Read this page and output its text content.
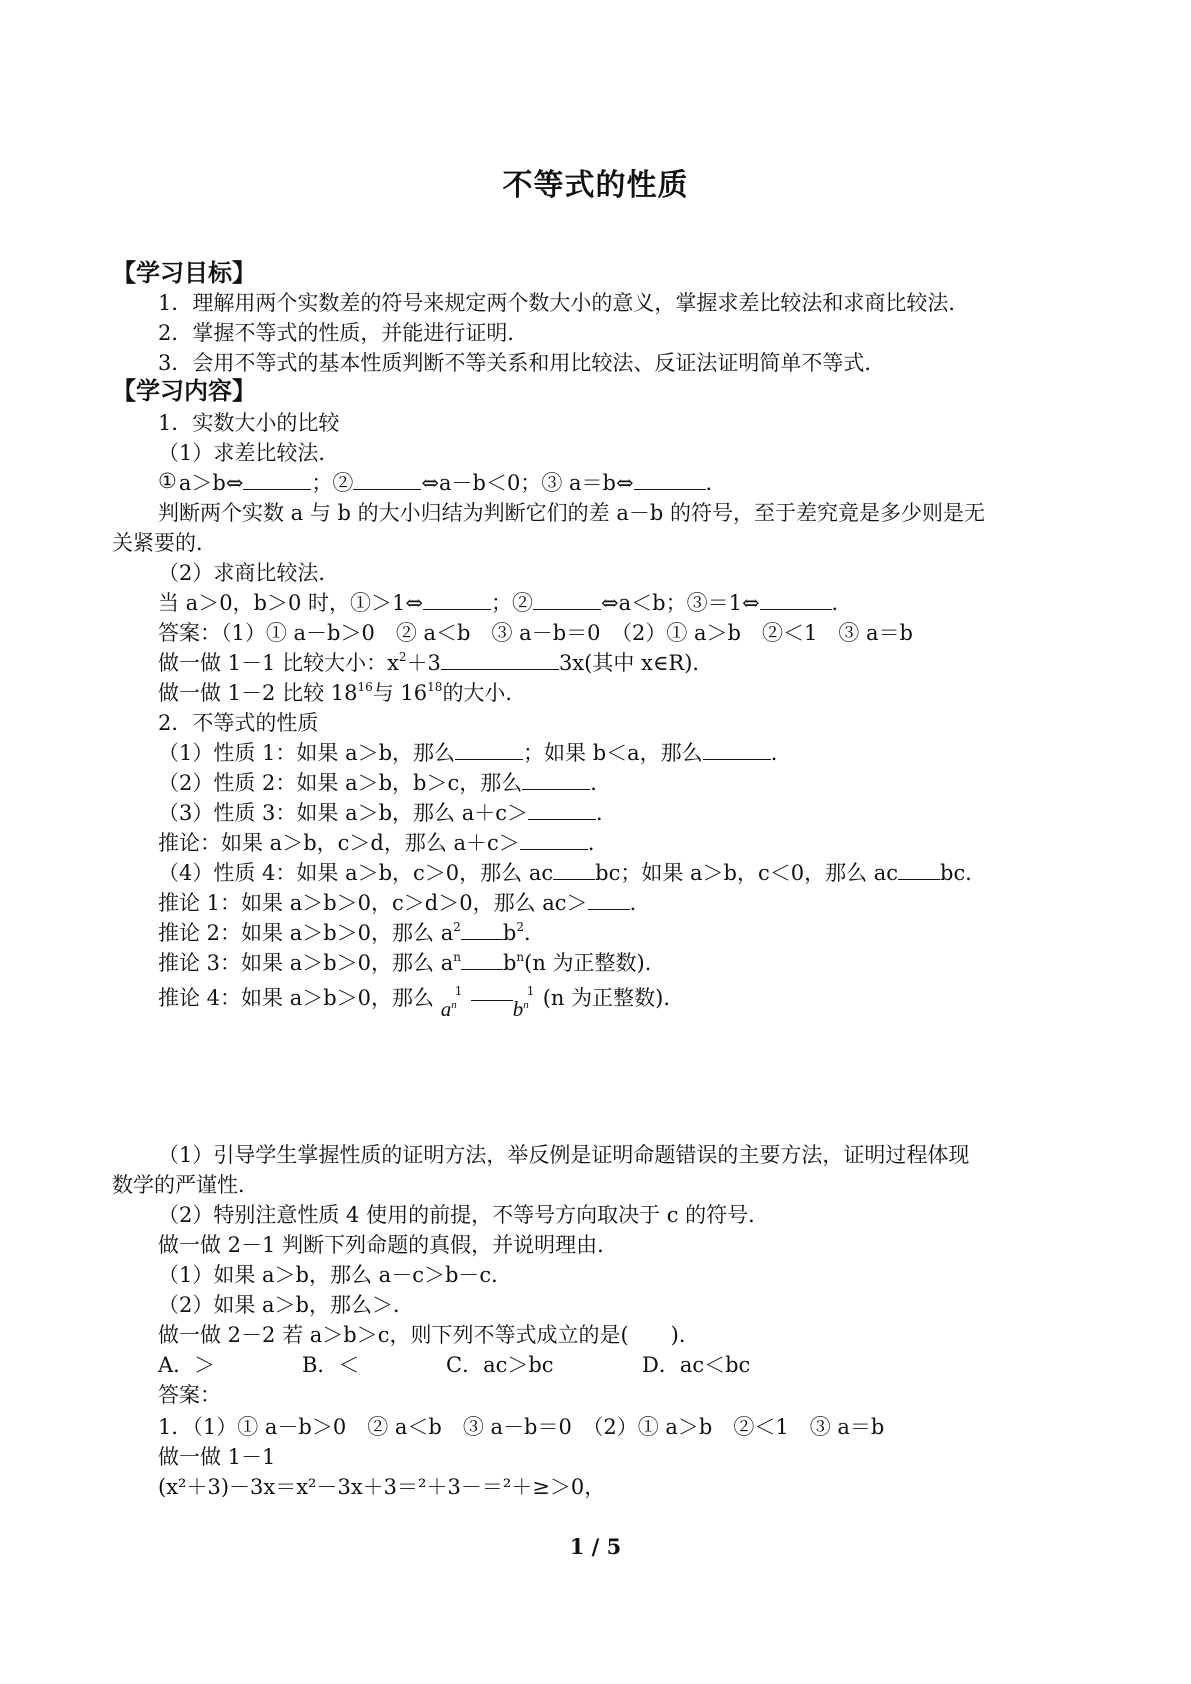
不等式的性质
【学习目标】
1．理解用两个实数差的符号来规定两个数大小的意义，掌握求差比较法和求商比较法．
2．掌握不等式的性质，并能进行证明．
3．会用不等式的基本性质判断不等关系和用比较法、反证法证明简单不等式．
【学习内容】
1．实数大小的比较
（1）求差比较法．
①a＞b⇔	；②	⇔a－b＜0；③ a＝b⇔	．
判断两个实数 a 与 b 的大小归结为判断它们的差 a－b 的符号，至于差究竟是多少则是无
关紧要的．
（2）求商比较法．
当 a＞0，b＞0 时，①＞1⇔	；②	⇔a＜b；③＝1⇔	．
答案：（1）① a－b＞0　② a＜b　③ a－b＝0　（2）① a＞b　②＜1　③ a＝b
做一做 1－1 比较大小：$x^2+3$	3x(其中 x∈R)．
做一做 1－2 比较 $18^{16}$与 $16^{18}$的大小．
2．不等式的性质
（1）性质 1：如果 a＞b，那么	；如果 b＜a，那么	．
（2）性质 2：如果 a＞b，b＞c，那么	．
（3）性质 3：如果 a＞b，那么 a＋c＞	．
推论：如果 a＞b，c＞d，那么 a＋c＞	．
（4）性质 4：如果 a＞b，c＞0，那么 ac bc；如果 a＞b，c＜0，那么 ac bc．
推论 1：如果 a＞b＞0，c＞d＞0，那么 ac＞ ．
推论 2：如果 a＞b＞0，那么 $a^2$ $b^2$．
推论 3：如果 a＞b＞0，那么 $a^n$ $b^n(n$ 为正整数)．
推论 4：如果 a＞b＞0，那么 1
$a^n$
1
$b^n$ (n 为正整数)．
（1）引导学生掌握性质的证明方法，举反例是证明命题错误的主要方法，证明过程体现
数学的严谨性．
（2）特别注意性质 4 使用的前提，不等号方向取决于 c 的符号．
做一做 2－1 判断下列命题的真假，并说明理由．
（1）如果 a＞b，那么 a－c＞b－c．
（2）如果 a＞b，那么＞．
做一做 2－2 若 a＞b＞c，则下列不等式成立的是(　　)．
A．＞	B．＜	C．ac＞bc	D．ac＜bc
答案：
1．（1）① a－b＞0　② a＜b　③ a－b＝0　（2）① a＞b　②＜1　③ a＝b
做一做 1－1
(x²＋3)－3x＝x²－3x＋3＝²＋3－＝²＋≥＞0，
1 / 5
